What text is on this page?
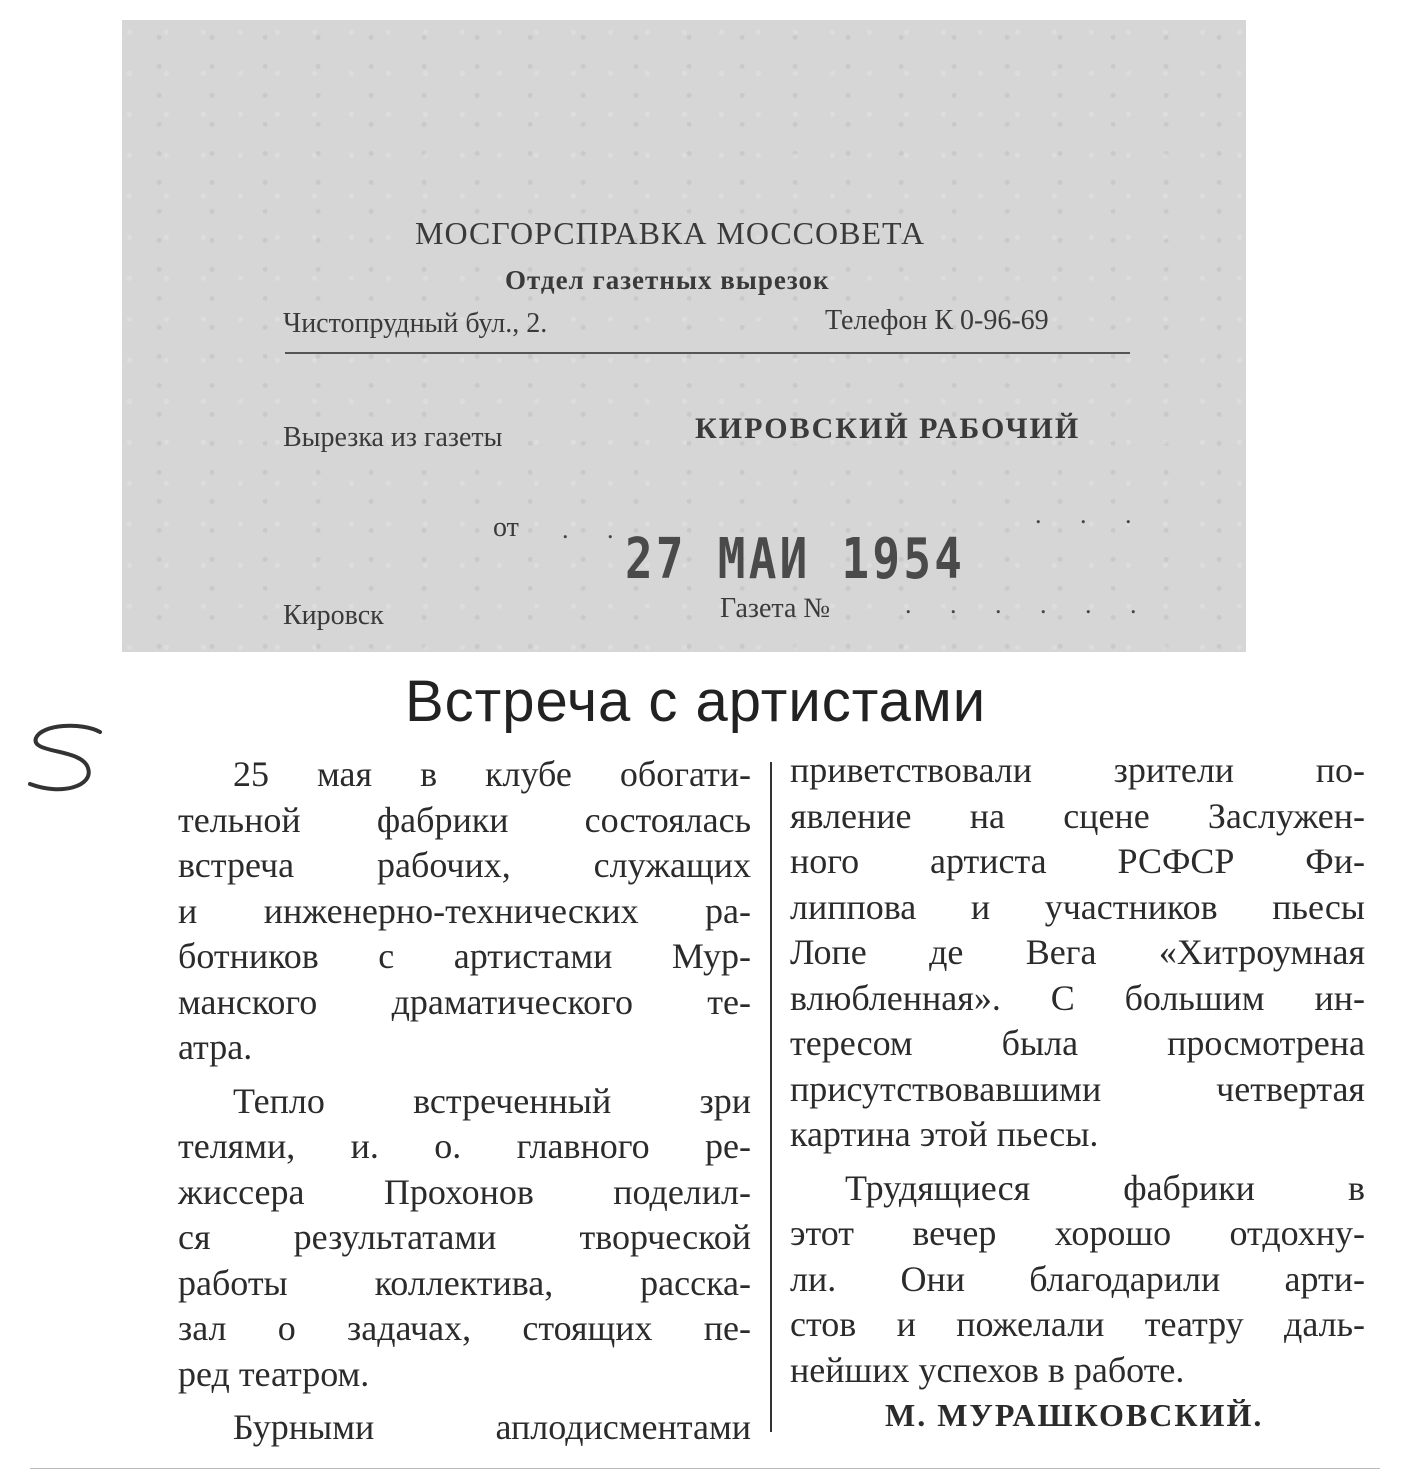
МОСГОРСПРАВКА МОССОВЕТА
Отдел газетных вырезок
Чистопрудный бул., 2.	Телефон К 0-96-69
Вырезка из газеты	КИРОВСКИЙ РАБОЧИЙ
от . .
27 МАИ 1954
. . .
Кировск	Газета №	. . . . . .
Встреча с артистами
25 мая в клубе обогати-
тельной фабрики состоялась
встреча рабочих, служащих
и инженерно-технических ра-
ботников с артистами Мур-
манского драматического те-
атра.
Тепло встреченный зри
телями, и. о. главного ре-
жиссера Прохонов поделил-
ся результатами творческой
работы коллектива, расска-
зал о задачах, стоящих пе-
ред театром.
Бурными аплодисментами
приветствовали зрители по-
явление на сцене Заслужен-
ного артиста РСФСР Фи-
липпова и участников пьесы
Лопе де Вега «Хитроумная
влюбленная». С большим ин-
тересом была просмотрена
присутствовавшими четвертая
картина этой пьесы.
Трудящиеся фабрики в
этот вечер хорошо отдохну-
ли. Они благодарили арти-
стов и пожелали театру даль-
нейших успехов в работе.
М. МУРАШКОВСКИЙ.
